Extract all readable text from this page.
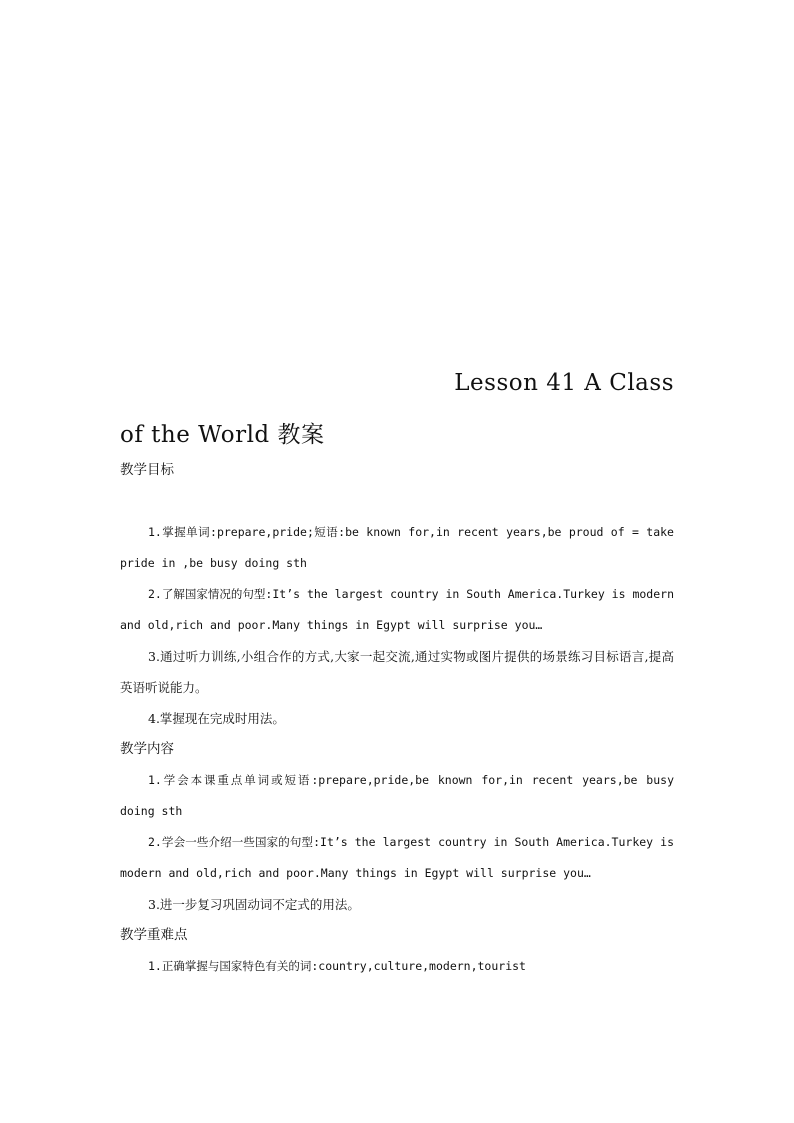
Lesson 41 A Class
of the World 教案

教学目标

1.掌握单词:prepare,pride;短语:be known for,in recent years,be proud of = take pride in ,be busy doing sth

2.了解国家情况的句型:It’s the largest country in South America.Turkey is modern and old,rich and poor.Many things in Egypt will surprise you…

3.通过听力训练,小组合作的方式,大家一起交流,通过实物或图片提供的场景练习目标语言,提高英语听说能力。

4.掌握现在完成时用法。

教学内容

1.学会本课重点单词或短语:prepare,pride,be known for,in recent years,be busy doing sth

2.学会一些介绍一些国家的句型:It’s the largest country in South America.Turkey is modern and old,rich and poor.Many things in Egypt will surprise you…

3.进一步复习巩固动词不定式的用法。

教学重难点

1.正确掌握与国家特色有关的词:country,culture,modern,tourist
